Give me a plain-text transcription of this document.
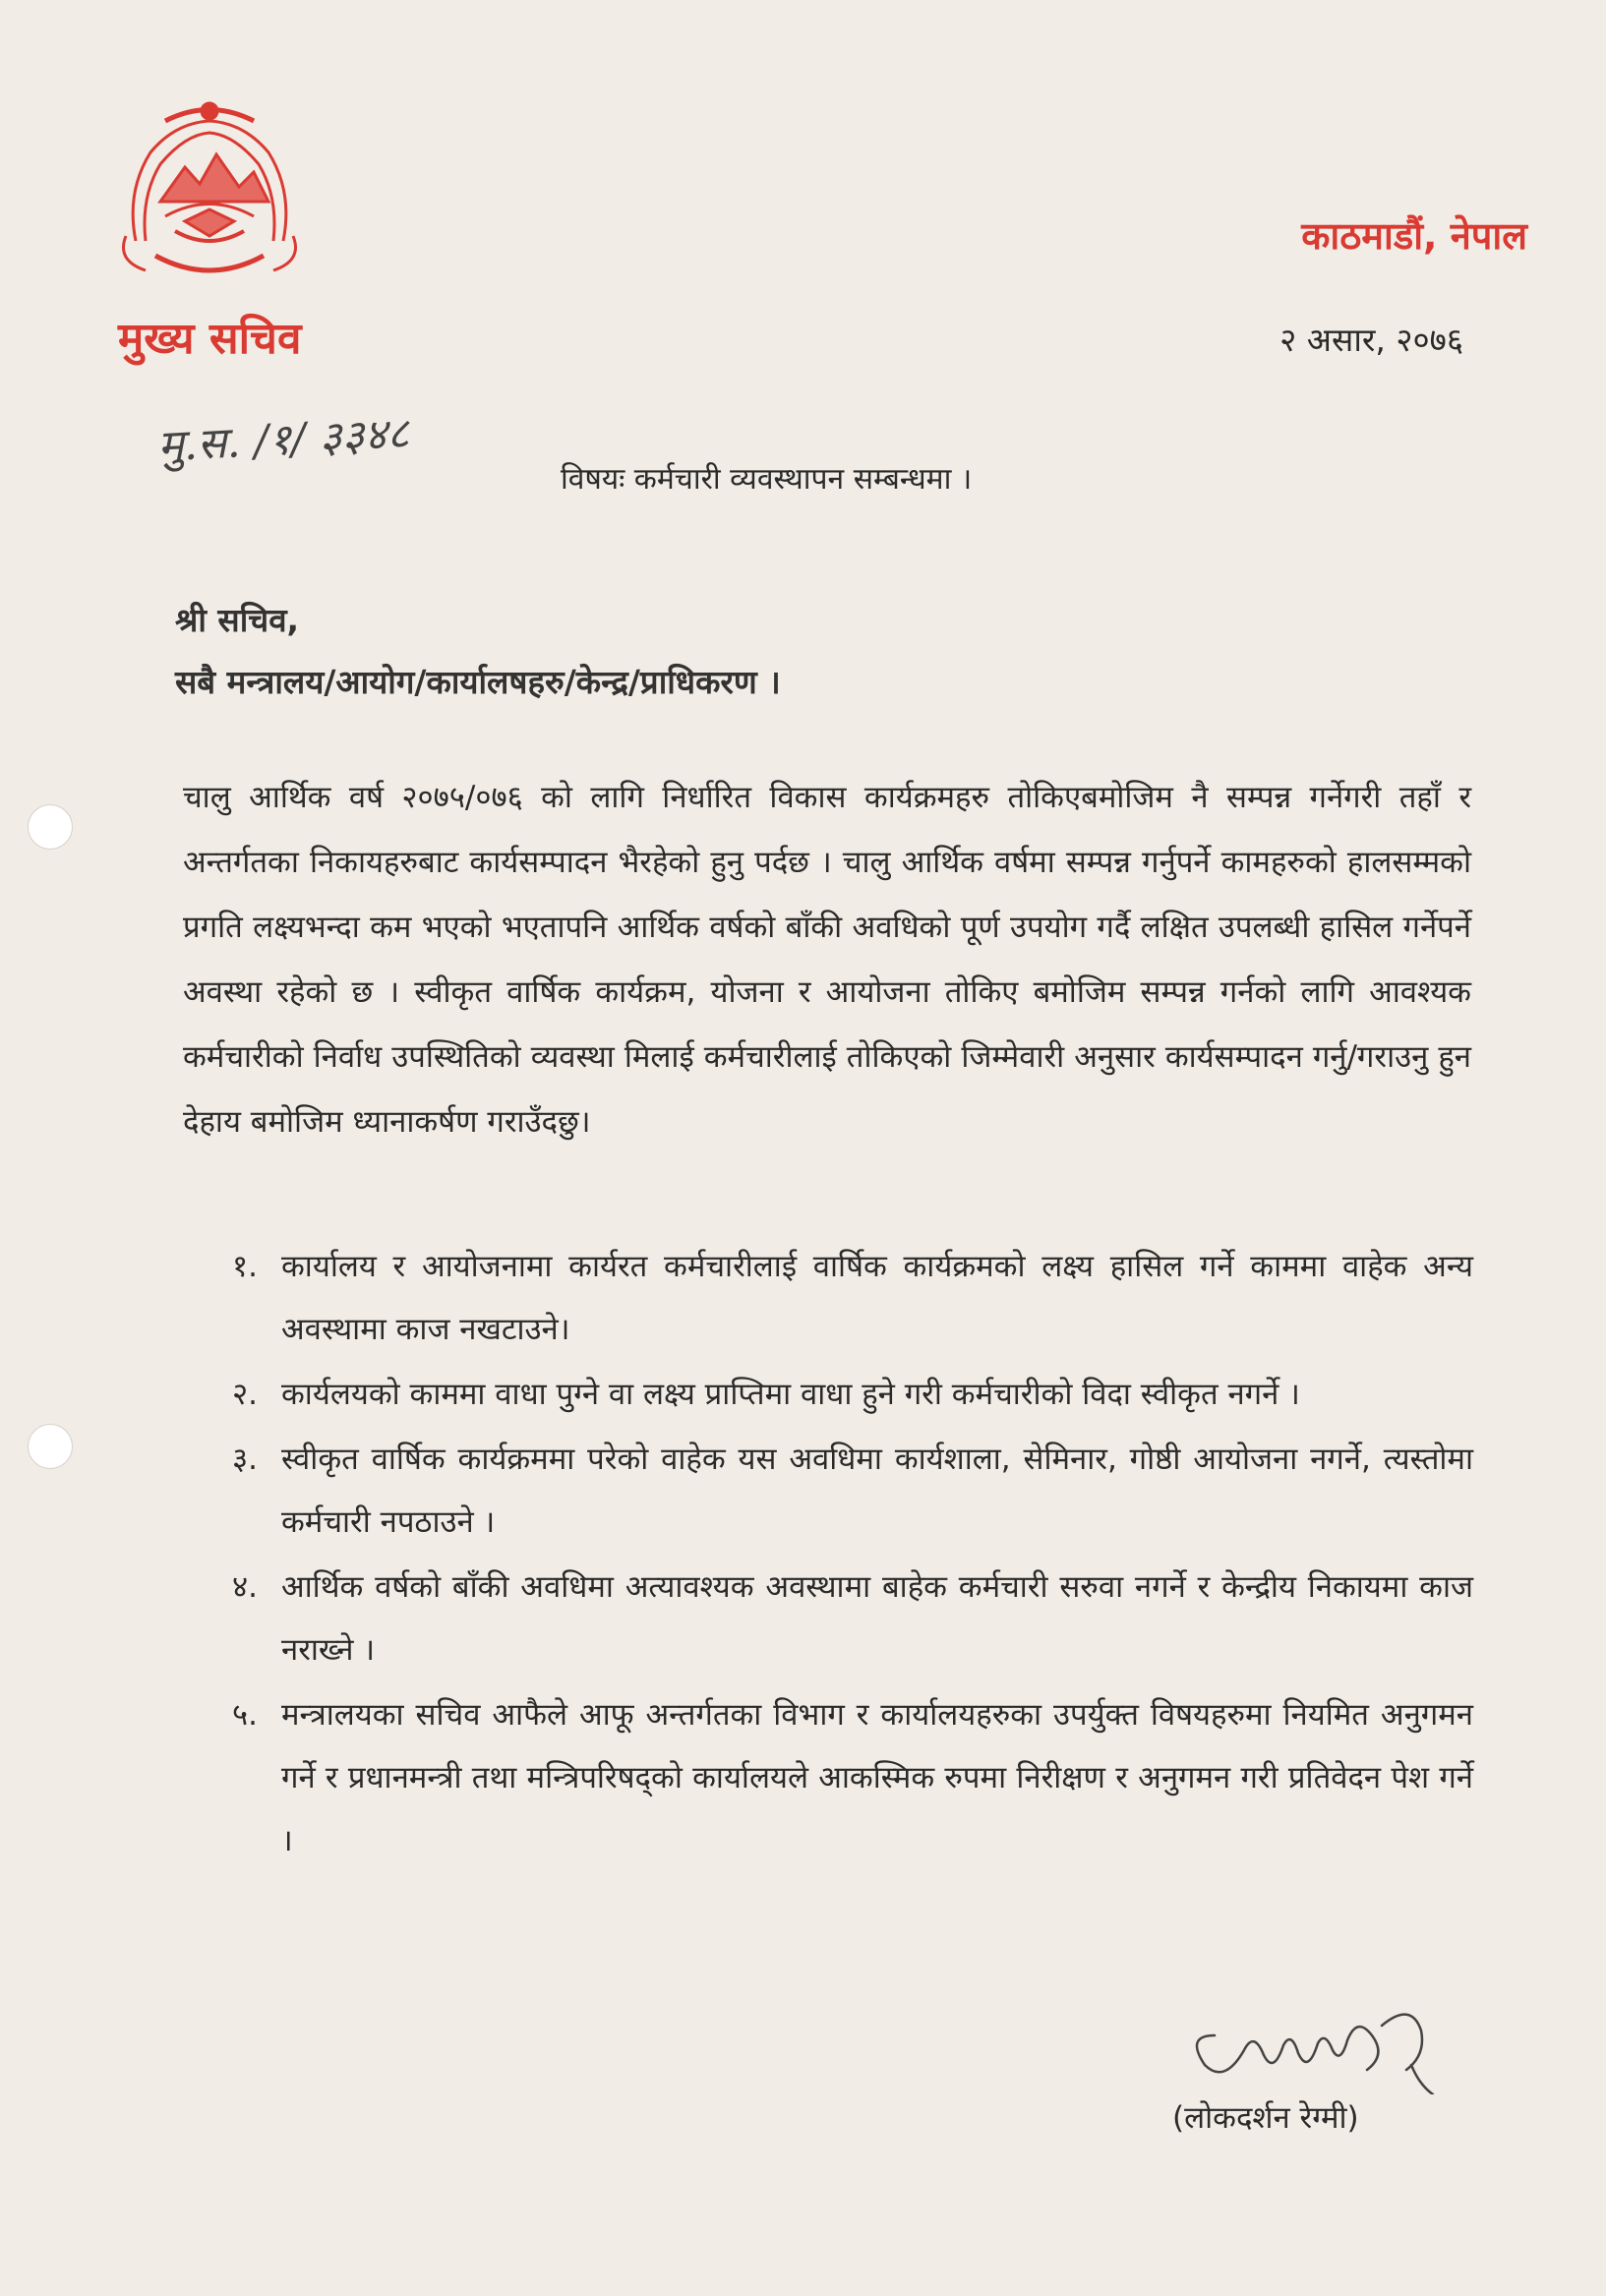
मुख्य सचिव
काठमाडौं, नेपाल
२ असार, २०७६
मु.स. /१/ ३३४८
विषयः कर्मचारी व्यवस्थापन सम्बन्धमा ।
श्री सचिव,
सबै मन्त्रालय/आयोग/कार्यालषहरु/केन्द्र/प्राधिकरण ।
चालु आर्थिक वर्ष २०७५/०७६ को लागि निर्धारित विकास कार्यक्रमहरु तोकिएबमोजिम नै सम्पन्न गर्नेगरी तहाँ र अन्तर्गतका निकायहरुबाट कार्यसम्पादन भैरहेको हुनु पर्दछ । चालु आर्थिक वर्षमा सम्पन्न गर्नुपर्ने कामहरुको हालसम्मको प्रगति लक्ष्यभन्दा कम भएको भएतापनि आर्थिक वर्षको बाँकी अवधिको पूर्ण उपयोग गर्दै लक्षित उपलब्धी हासिल गर्नेपर्ने अवस्था रहेको छ । स्वीकृत वार्षिक कार्यक्रम, योजना र आयोजना तोकिए बमोजिम सम्पन्न गर्नको लागि आवश्यक कर्मचारीको निर्वाध उपस्थितिको व्यवस्था मिलाई कर्मचारीलाई तोकिएको जिम्मेवारी अनुसार कार्यसम्पादन गर्नु/गराउनु हुन देहाय बमोजिम ध्यानाकर्षण गराउँदछु।
१. कार्यालय र आयोजनामा कार्यरत कर्मचारीलाई वार्षिक कार्यक्रमको लक्ष्य हासिल गर्ने काममा वाहेक अन्य अवस्थामा काज नखटाउने।
२. कार्यलयको काममा वाधा पुग्ने वा लक्ष्य प्राप्तिमा वाधा हुने गरी कर्मचारीको विदा स्वीकृत नगर्ने ।
३. स्वीकृत वार्षिक कार्यक्रममा परेको वाहेक यस अवधिमा कार्यशाला, सेमिनार, गोष्ठी आयोजना नगर्ने, त्यस्तोमा कर्मचारी नपठाउने ।
४. आर्थिक वर्षको बाँकी अवधिमा अत्यावश्यक अवस्थामा बाहेक कर्मचारी सरुवा नगर्ने र केन्द्रीय निकायमा काज नराख्ने ।
५. मन्त्रालयका सचिव आफैले आफू अन्तर्गतका विभाग र कार्यालयहरुका उपर्युक्त विषयहरुमा नियमित अनुगमन गर्ने र प्रधानमन्त्री तथा मन्त्रिपरिषद्को कार्यालयले आकस्मिक रुपमा निरीक्षण र अनुगमन गरी प्रतिवेदन पेश गर्ने ।
(लोकदर्शन रेग्मी)
